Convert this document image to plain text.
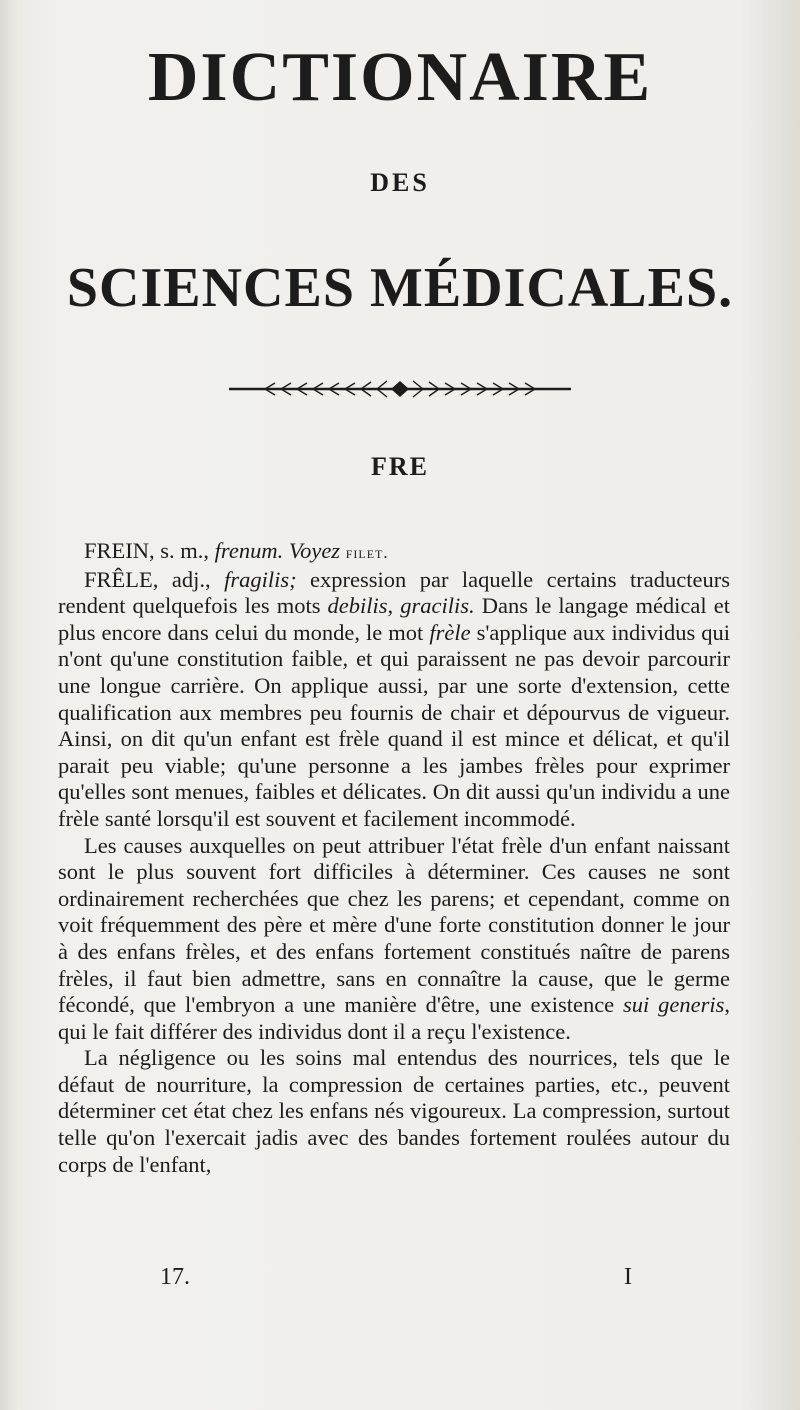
DICTIONAIRE
DES
SCIENCES MÉDICALES.
FRE

FREIN, s. m., frenum. Voyez filet.

FRÊLE, adj., fragilis; expression par laquelle certains traducteurs rendent quelquefois les mots debilis, gracilis. Dans le langage médical et plus encore dans celui du monde, le mot frèle s'applique aux individus qui n'ont qu'une constitution faible, et qui paraissent ne pas devoir parcourir une longue carrière. On applique aussi, par une sorte d'extension, cette qualification aux membres peu fournis de chair et dépourvus de vigueur. Ainsi, on dit qu'un enfant est frèle quand il est mince et délicat, et qu'il parait peu viable; qu'une personne a les jambes frèles pour exprimer qu'elles sont menues, faibles et délicates. On dit aussi qu'un individu a une frèle santé lorsqu'il est souvent et facilement incommodé.

Les causes auxquelles on peut attribuer l'état frèle d'un enfant naissant sont le plus souvent fort difficiles à déterminer. Ces causes ne sont ordinairement recherchées que chez les parens; et cependant, comme on voit fréquemment des père et mère d'une forte constitution donner le jour à des enfans frèles, et des enfans fortement constitués naître de parens frèles, il faut bien admettre, sans en connaître la cause, que le germe fécondé, que l'embryon a une manière d'être, une existence sui generis, qui le fait différer des individus dont il a reçu l'existence.

La négligence ou les soins mal entendus des nourrices, tels que le défaut de nourriture, la compression de certaines parties, etc., peuvent déterminer cet état chez les enfans nés vigoureux. La compression, surtout telle qu'on l'exercait jadis avec des bandes fortement roulées autour du corps de l'enfant,

17.	I
